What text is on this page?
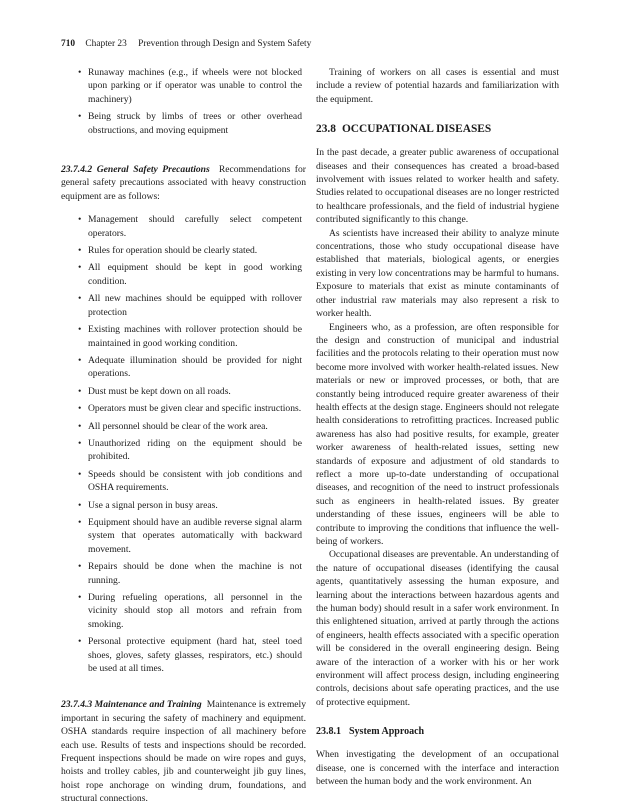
710 Chapter 23 Prevention through Design and System Safety
• Runaway machines (e.g., if wheels were not blocked upon parking or if operator was unable to control the machinery)
• Being struck by limbs of trees or other overhead obstructions, and moving equipment

23.7.4.2 General Safety Precautions Recommendations for general safety precautions associated with heavy construction equipment are as follows:

• Management should carefully select competent operators.
• Rules for operation should be clearly stated.
• All equipment should be kept in good working condition.
• All new machines should be equipped with rollover protection
• Existing machines with rollover protection should be maintained in good working condition.
• Adequate illumination should be provided for night operations.
• Dust must be kept down on all roads.
• Operators must be given clear and specific instructions.
• All personnel should be clear of the work area.
• Unauthorized riding on the equipment should be prohibited.
• Speeds should be consistent with job conditions and OSHA requirements.
• Use a signal person in busy areas.
• Equipment should have an audible reverse signal alarm system that operates automatically with backward movement.
• Repairs should be done when the machine is not running.
• During refueling operations, all personnel in the vicinity should stop all motors and refrain from smoking.
• Personal protective equipment (hard hat, steel toed shoes, gloves, safety glasses, respirators, etc.) should be used at all times.

23.7.4.3 Maintenance and Training Maintenance is extremely important in securing the safety of machinery and equipment. OSHA standards require inspection of all machinery before each use. Results of tests and inspections should be recorded. Frequent inspections should be made on wire ropes and guys, hoists and trolley cables, jib and counterweight jib guy lines, hoist rope anchorage on winding drum, foundations, and structural connections.

Training of workers on all cases is essential and must include a review of potential hazards and familiarization with the equipment.

23.8 OCCUPATIONAL DISEASES

In the past decade, a greater public awareness of occupational diseases and their consequences has created a broad-based involvement with issues related to worker health and safety. Studies related to occupational diseases are no longer restricted to healthcare professionals, and the field of industrial hygiene contributed significantly to this change.

As scientists have increased their ability to analyze minute concentrations, those who study occupational disease have established that materials, biological agents, or energies existing in very low concentrations may be harmful to humans. Exposure to materials that exist as minute contaminants of other industrial raw materials may also represent a risk to worker health.

Engineers who, as a profession, are often responsible for the design and construction of municipal and industrial facilities and the protocols relating to their operation must now become more involved with worker health-related issues. New materials or new or improved processes, or both, that are constantly being introduced require greater awareness of their health effects at the design stage. Engineers should not relegate health considerations to retrofitting practices. Increased public awareness has also had positive results, for example, greater worker awareness of health-related issues, setting new standards of exposure and adjustment of old standards to reflect a more up-to-date understanding of occupational diseases, and recognition of the need to instruct professionals such as engineers in health-related issues. By greater understanding of these issues, engineers will be able to contribute to improving the conditions that influence the well-being of workers.

Occupational diseases are preventable. An understanding of the nature of occupational diseases (identifying the causal agents, quantitatively assessing the human exposure, and learning about the interactions between hazardous agents and the human body) should result in a safer work environment. In this enlightened situation, arrived at partly through the actions of engineers, health effects associated with a specific operation will be considered in the overall engineering design. Being aware of the interaction of a worker with his or her work environment will affect process design, including engineering controls, decisions about safe operating practices, and the use of protective equipment.

23.8.1 System Approach

When investigating the development of an occupational disease, one is concerned with the interface and interaction between the human body and the work environment. An
